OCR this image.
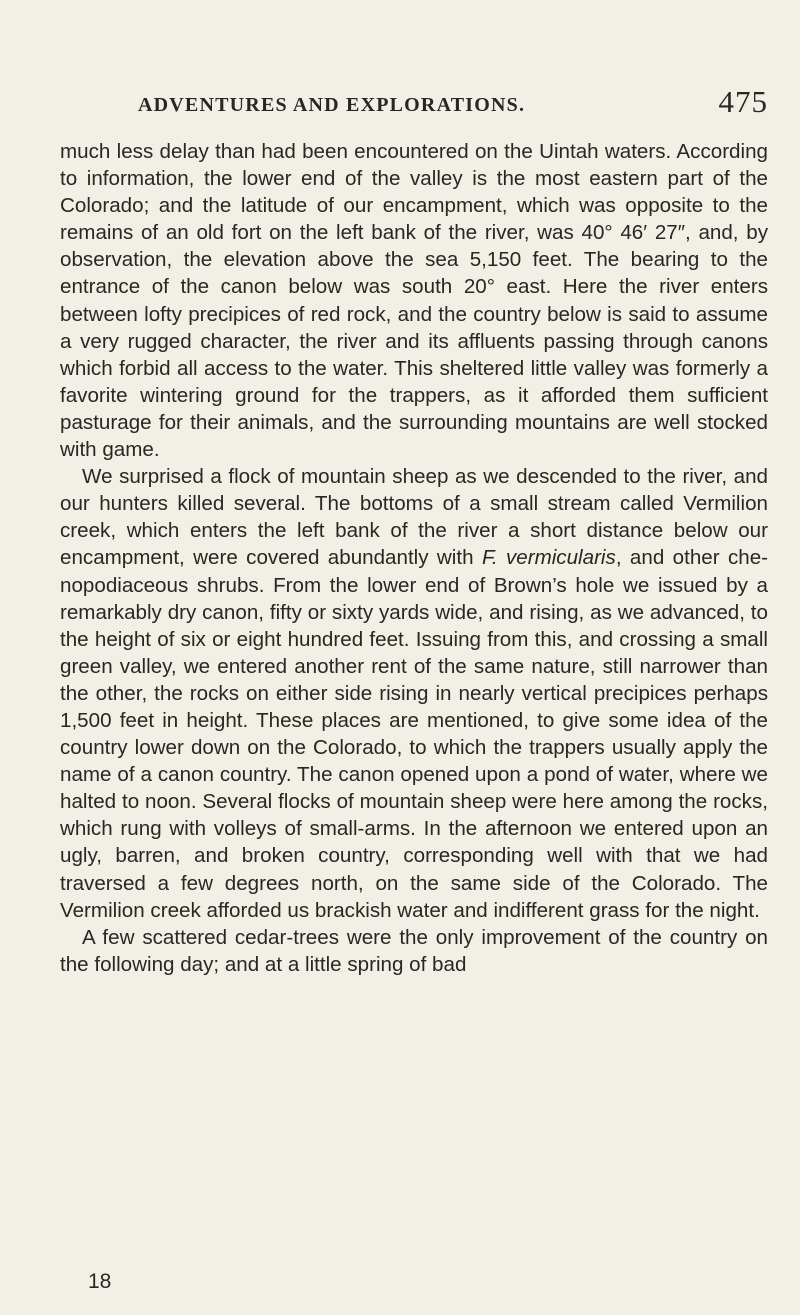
ADVENTURES AND EXPLORATIONS.	475

much less delay than had been encountered on the Uintah waters. According to information, the lower end of the valley is the most eastern part of the Colorado; and the latitude of our encampment, which was opposite to the remains of an old fort on the left bank of the river, was 40° 46′ 27″, and, by observation, the elevation above the sea 5,150 feet. The bearing to the entrance of the canon below was south 20° east. Here the river enters between lofty precipices of red rock, and the country below is said to assume a very rugged character, the river and its affluents passing through canons which forbid all access to the water. This sheltered little valley was formerly a favorite wintering ground for the trappers, as it afforded them sufficient pasturage for their animals, and the surrounding mountains are well stocked with game.

We surprised a flock of mountain sheep as we descended to the river, and our hunters killed several. The bottoms of a small stream called Vermilion creek, which enters the left bank of the river a short distance below our encampment, were covered abundantly with F. vermicularis, and other chenopodiaceous shrubs. From the lower end of Brown’s hole we issued by a remarkably dry canon, fifty or sixty yards wide, and rising, as we advanced, to the height of six or eight hundred feet. Issuing from this, and crossing a small green valley, we entered another rent of the same nature, still narrower than the other, the rocks on either side rising in nearly vertical precipices perhaps 1,500 feet in height. These places are mentioned, to give some idea of the country lower down on the Colorado, to which the trappers usually apply the name of a canon country. The canon opened upon a pond of water, where we halted to noon. Several flocks of mountain sheep were here among the rocks, which rung with volleys of small-arms. In the afternoon we entered upon an ugly, barren, and broken country, corresponding well with that we had traversed a few degrees north, on the same side of the Colorado. The Vermilion creek afforded us brackish water and indifferent grass for the night.

A few scattered cedar-trees were the only improvement of the country on the following day; and at a little spring of bad

18
